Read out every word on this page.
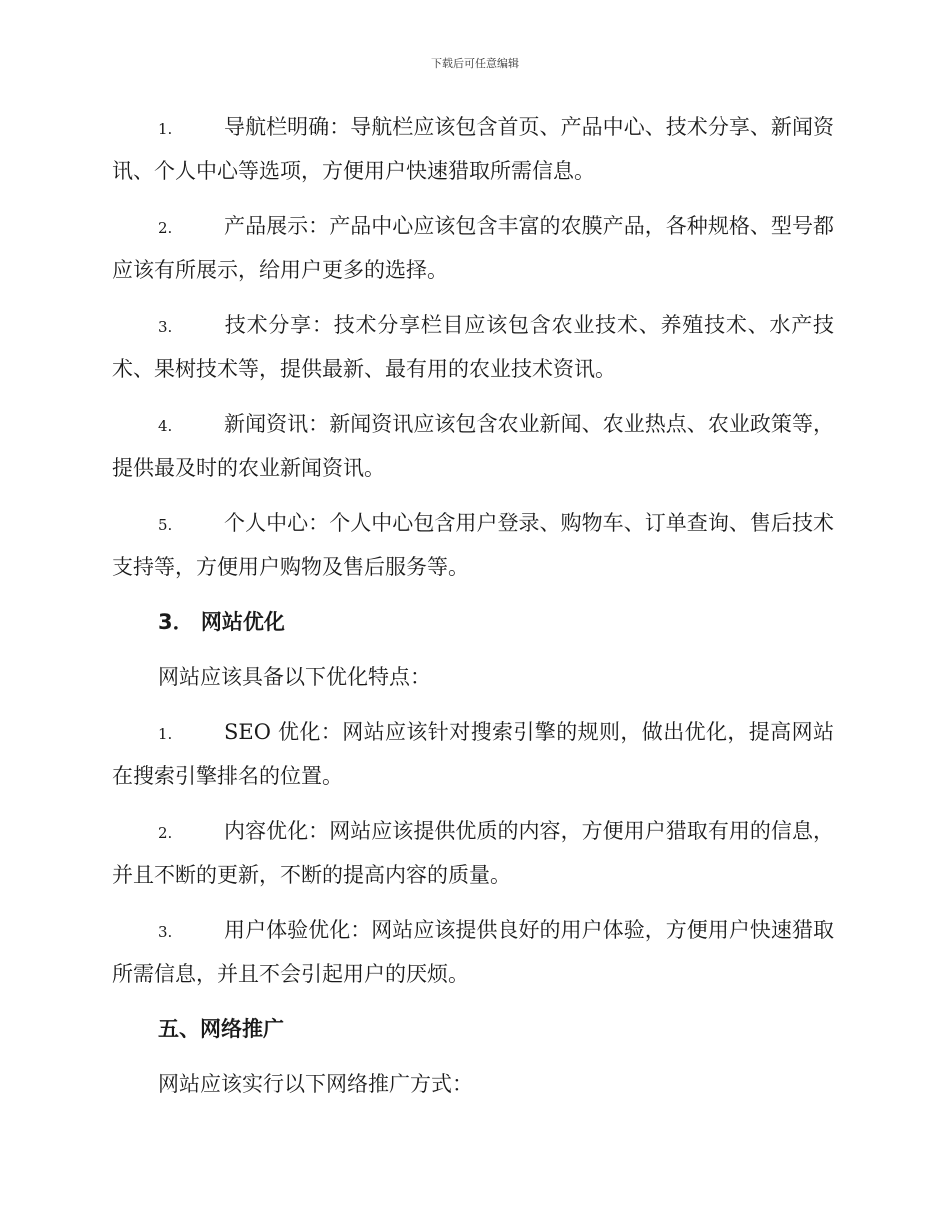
下载后可任意编辑
1. 导航栏明确：导航栏应该包含首页、产品中心、技术分享、新闻资讯、个人中心等选项，方便用户快速猎取所需信息。
2. 产品展示：产品中心应该包含丰富的农膜产品，各种规格、型号都应该有所展示，给用户更多的选择。
3. 技术分享：技术分享栏目应该包含农业技术、养殖技术、水产技术、果树技术等，提供最新、最有用的农业技术资讯。
4. 新闻资讯：新闻资讯应该包含农业新闻、农业热点、农业政策等，提供最及时的农业新闻资讯。
5. 个人中心：个人中心包含用户登录、购物车、订单查询、售后技术支持等，方便用户购物及售后服务等。
3． 网站优化
网站应该具备以下优化特点：
1. SEO 优化：网站应该针对搜索引擎的规则，做出优化，提高网站在搜索引擎排名的位置。
2. 内容优化：网站应该提供优质的内容，方便用户猎取有用的信息，并且不断的更新，不断的提高内容的质量。
3. 用户体验优化：网站应该提供良好的用户体验，方便用户快速猎取所需信息，并且不会引起用户的厌烦。
五、网络推广
网站应该实行以下网络推广方式：
